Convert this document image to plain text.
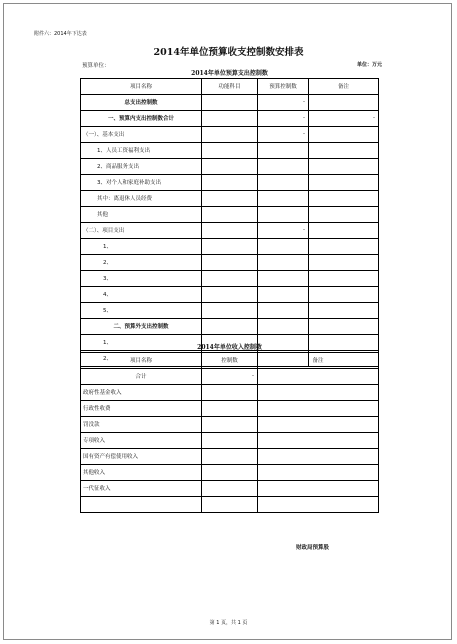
附件六：2014年下达表
2014年单位预算收支控制数安排表
预算单位：	单位：万元
2014年单位预算支出控制数			
项目名称	功能科目	预算控制数	备注
总支出控制数		-	
一、预算内支出控制数合计		-	-
（一）、基本支出		-	
1、人员工资福利支出			
2、商品服务支出			
3、对个人和家庭补助支出			
其中：离退休人员经费			
其他			
（二）、项目支出		-	
1、			
2、			
3、			
4、			
5、			
二、预算外支出控制数			
1、			
2、			
2014年单位收入控制数		
项目名称	控制数	备注
合计	-	
政府性基金收入		
行政性收费		
罚没款		
专项收入		
国有资产有偿使用收入		
其他收入		
一代征收入		

财政局预算股
第 1 页，共 1 页
